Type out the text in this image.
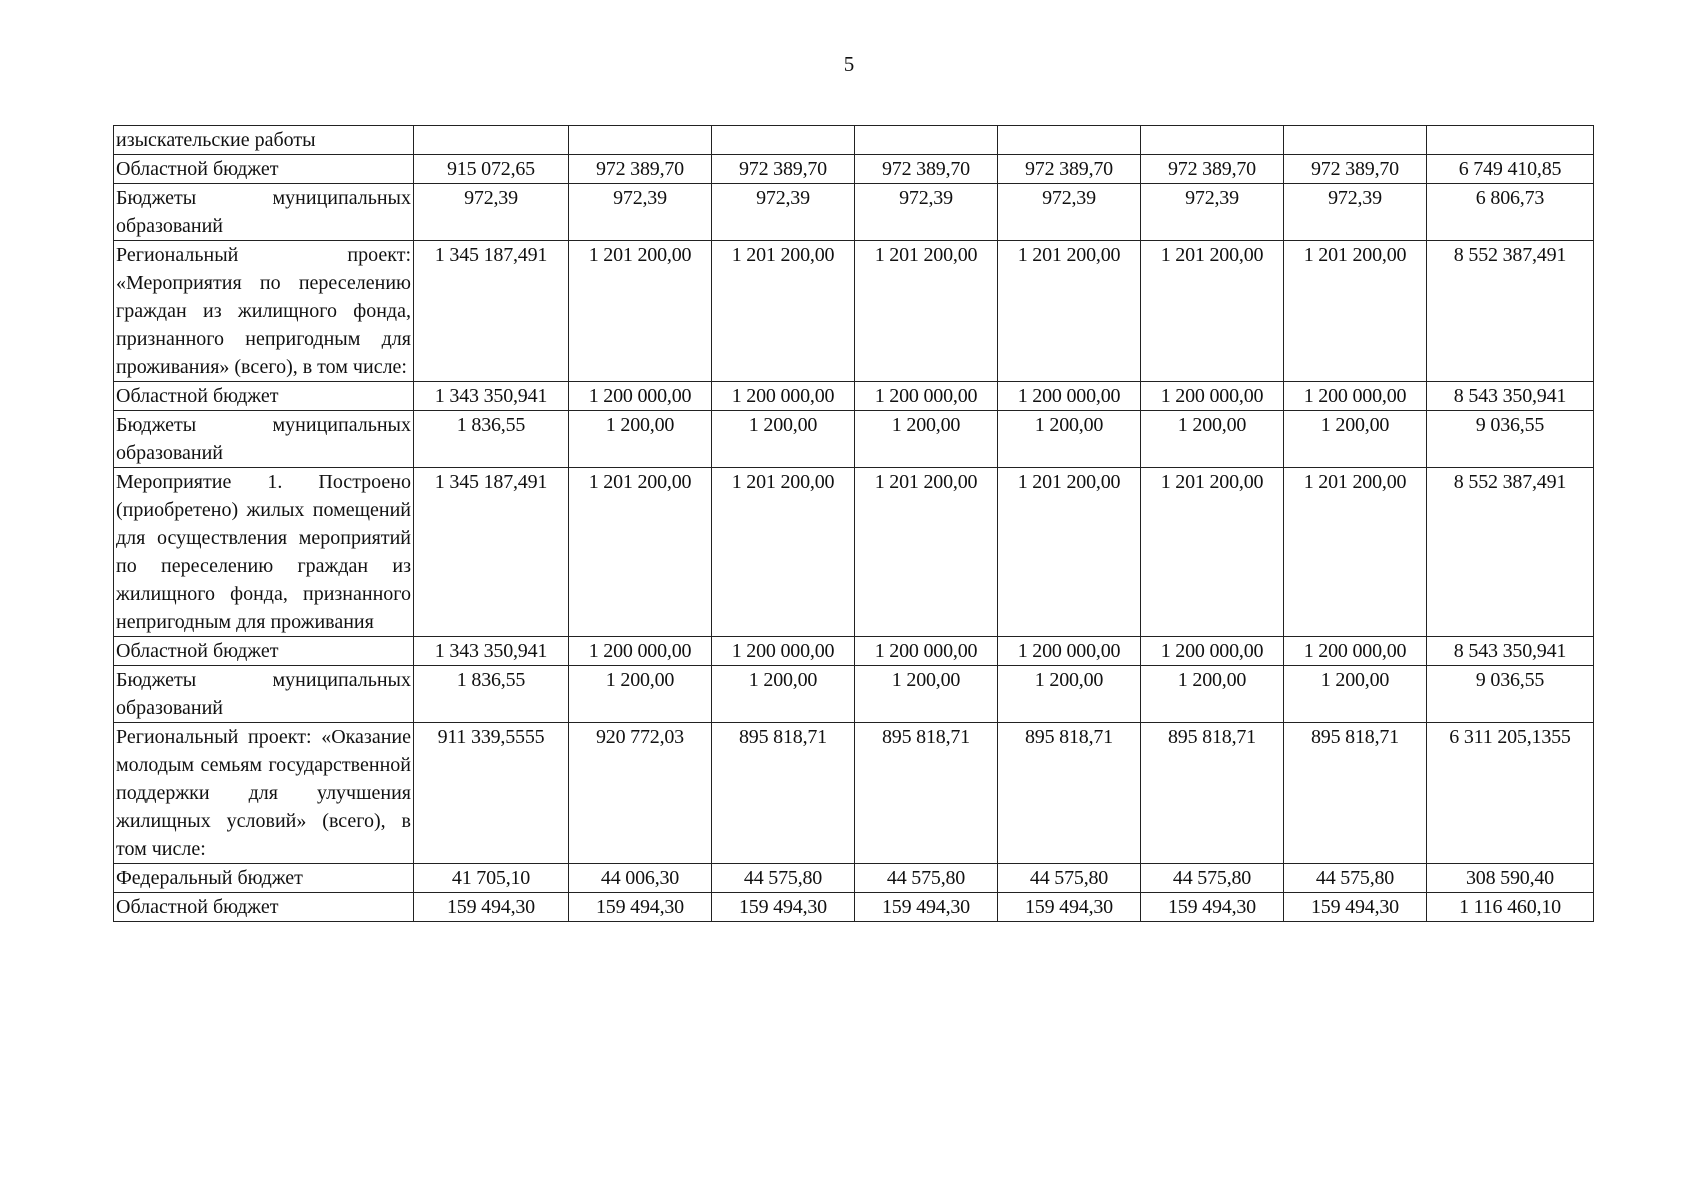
5
изыскательские работы								
Областной бюджет	915 072,65	972 389,70	972 389,70	972 389,70	972 389,70	972 389,70	972 389,70	6 749 410,85
Бюджеты муниципальных образований	972,39	972,39	972,39	972,39	972,39	972,39	972,39	6 806,73
Региональный проект: «Мероприятия по переселению граждан из жилищного фонда, признанного непригодным для проживания» (всего), в том числе:	1 345 187,491	1 201 200,00	1 201 200,00	1 201 200,00	1 201 200,00	1 201 200,00	1 201 200,00	8 552 387,491
Областной бюджет	1 343 350,941	1 200 000,00	1 200 000,00	1 200 000,00	1 200 000,00	1 200 000,00	1 200 000,00	8 543 350,941
Бюджеты муниципальных образований	1 836,55	1 200,00	1 200,00	1 200,00	1 200,00	1 200,00	1 200,00	9 036,55
Мероприятие 1. Построено (приобретено) жилых помещений для осуществления мероприятий по переселению граждан из жилищного фонда, признанного непригодным для проживания	1 345 187,491	1 201 200,00	1 201 200,00	1 201 200,00	1 201 200,00	1 201 200,00	1 201 200,00	8 552 387,491
Областной бюджет	1 343 350,941	1 200 000,00	1 200 000,00	1 200 000,00	1 200 000,00	1 200 000,00	1 200 000,00	8 543 350,941
Бюджеты муниципальных образований	1 836,55	1 200,00	1 200,00	1 200,00	1 200,00	1 200,00	1 200,00	9 036,55
Региональный проект: «Оказание молодым семьям государственной поддержки для улучшения жилищных условий» (всего), в том числе:	911 339,5555	920 772,03	895 818,71	895 818,71	895 818,71	895 818,71	895 818,71	6 311 205,1355
Федеральный бюджет	41 705,10	44 006,30	44 575,80	44 575,80	44 575,80	44 575,80	44 575,80	308 590,40
Областной бюджет	159 494,30	159 494,30	159 494,30	159 494,30	159 494,30	159 494,30	159 494,30	1 116 460,10
